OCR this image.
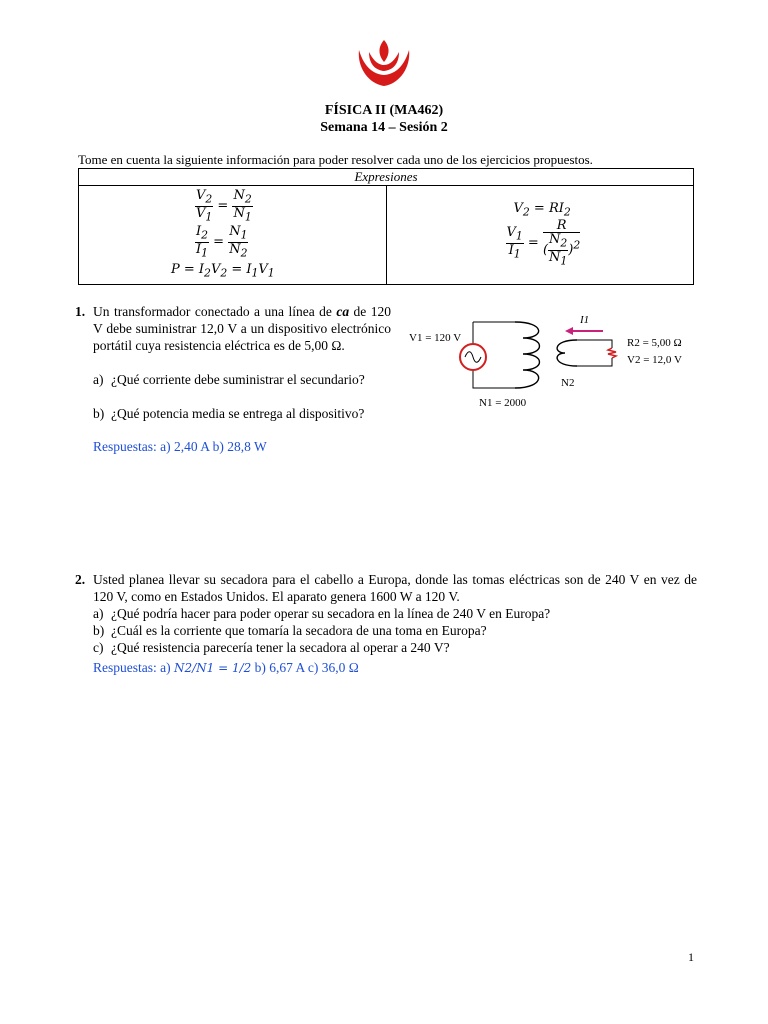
FÍSICA II (MA462)
Semana 14 – Sesión 2
Tome en cuenta la siguiente información para poder resolver cada uno de los ejercicios propuestos.
Expresiones

$\frac{V_2}{V_1} = \frac{N_2}{N_1}$
$\frac{I_2}{I_1} = \frac{N_1}{N_2}$
$P = I_2V_2 = I_1V_1$

$V_2 = RI_2$
$\frac{V_1}{I_1} = \frac{R}{( \frac{N_2}{N_1} )^2}$
1. Un transformador conectado a una línea de ca de 120 V debe suministrar 12,0 V a un dispositivo electrónico portátil cuya resistencia eléctrica es de 5,00 Ω.
a) ¿Qué corriente debe suministrar el secundario?
b) ¿Qué potencia media se entrega al dispositivo?
Respuestas: a) 2,40 A b) 28,8 W
V1 = 120 V
N1 = 2000
N2
I1
R2 = 5,00 Ω
V2 = 12,0 V
2. Usted planea llevar su secadora para el cabello a Europa, donde las tomas eléctricas son de 240 V en vez de 120 V, como en Estados Unidos. El aparato genera 1600 W a 120 V.
a) ¿Qué podría hacer para poder operar su secadora en la línea de 240 V en Europa?
b) ¿Cuál es la corriente que tomaría la secadora de una toma en Europa?
c) ¿Qué resistencia parecería tener la secadora al operar a 240 V?
Respuestas: a) N2/N1 = 1/2 b) 6,67 A c) 36,0 Ω
1
